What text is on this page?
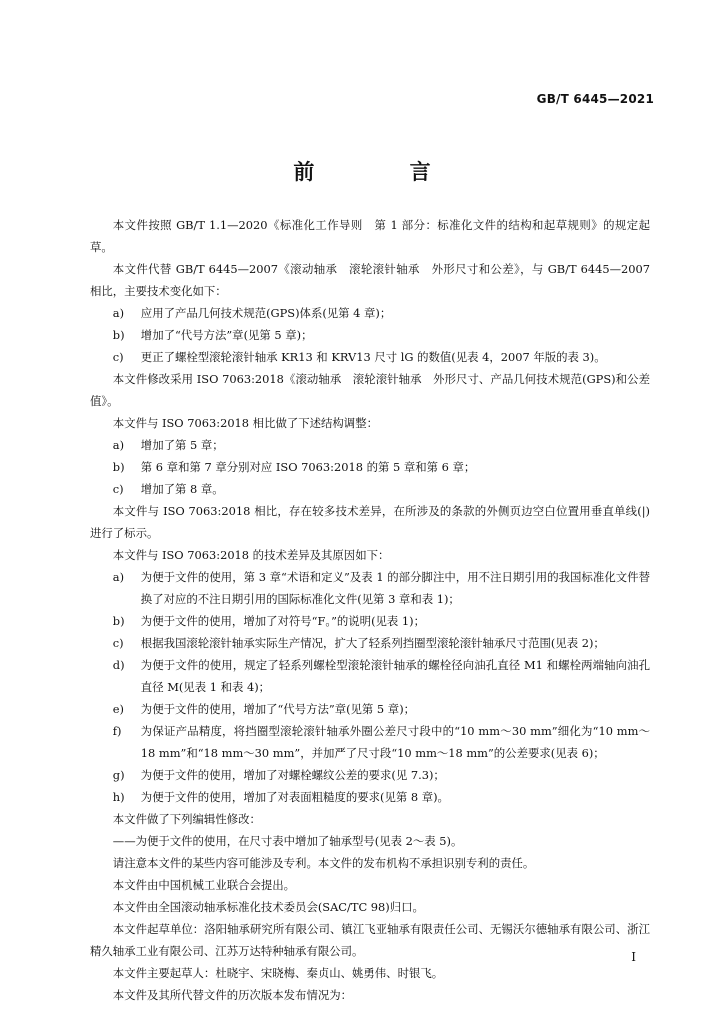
GB/T 6445—2021
前 言

本文件按照 GB/T 1.1—2020《标准化工作导则　第 1 部分：标准化文件的结构和起草规则》的规定起草。

本文件代替 GB/T 6445—2007《滚动轴承　滚轮滚针轴承　外形尺寸和公差》，与 GB/T 6445—2007 相比，主要技术变化如下：

a)	应用了产品几何技术规范(GPS)体系(见第 4 章)；
b)	增加了“代号方法”章(见第 5 章)；
c)	更正了螺栓型滚轮滚针轴承 KR13 和 KRV13 尺寸 lG 的数值(见表 4，2007 年版的表 3)。

本文件修改采用 ISO 7063:2018《滚动轴承　滚轮滚针轴承　外形尺寸、产品几何技术规范(GPS)和公差值》。

本文件与 ISO 7063:2018 相比做了下述结构调整：

a)	增加了第 5 章；
b)	第 6 章和第 7 章分别对应 ISO 7063:2018 的第 5 章和第 6 章；
c)	增加了第 8 章。

本文件与 ISO 7063:2018 相比，存在较多技术差异，在所涉及的条款的外侧页边空白位置用垂直单线(|)进行了标示。

本文件与 ISO 7063:2018 的技术差异及其原因如下：

a)	为便于文件的使用，第 3 章“术语和定义”及表 1 的部分脚注中，用不注日期引用的我国标准化文件替换了对应的不注日期引用的国际标准化文件(见第 3 章和表 1)；
b)	为便于文件的使用，增加了对符号“F。”的说明(见表 1)；
c)	根据我国滚轮滚针轴承实际生产情况，扩大了轻系列挡圈型滚轮滚针轴承尺寸范围(见表 2)；
d)	为便于文件的使用，规定了轻系列螺栓型滚轮滚针轴承的螺栓径向油孔直径 M1 和螺栓两端轴向油孔直径 M(见表 1 和表 4)；
e)	为便于文件的使用，增加了“代号方法”章(见第 5 章)；
f)	为保证产品精度，将挡圈型滚轮滚针轴承外圈公差尺寸段中的“10 mm～30 mm”细化为“10 mm～18 mm”和“18 mm～30 mm”，并加严了尺寸段“10 mm～18 mm”的公差要求(见表 6)；
g)	为便于文件的使用，增加了对螺栓螺纹公差的要求(见 7.3)；
h)	为便于文件的使用，增加了对表面粗糙度的要求(见第 8 章)。

本文件做了下列编辑性修改：

——为便于文件的使用，在尺寸表中增加了轴承型号(见表 2～表 5)。

请注意本文件的某些内容可能涉及专利。本文件的发布机构不承担识别专利的责任。

本文件由中国机械工业联合会提出。

本文件由全国滚动轴承标准化技术委员会(SAC/TC 98)归口。

本文件起草单位：洛阳轴承研究所有限公司、镇江飞亚轴承有限责任公司、无锡沃尔德轴承有限公司、浙江精久轴承工业有限公司、江苏万达特种轴承有限公司。

本文件主要起草人：杜晓宇、宋晓梅、秦贞山、姚勇伟、时银飞。

本文件及其所代替文件的历次版本发布情况为：

I
